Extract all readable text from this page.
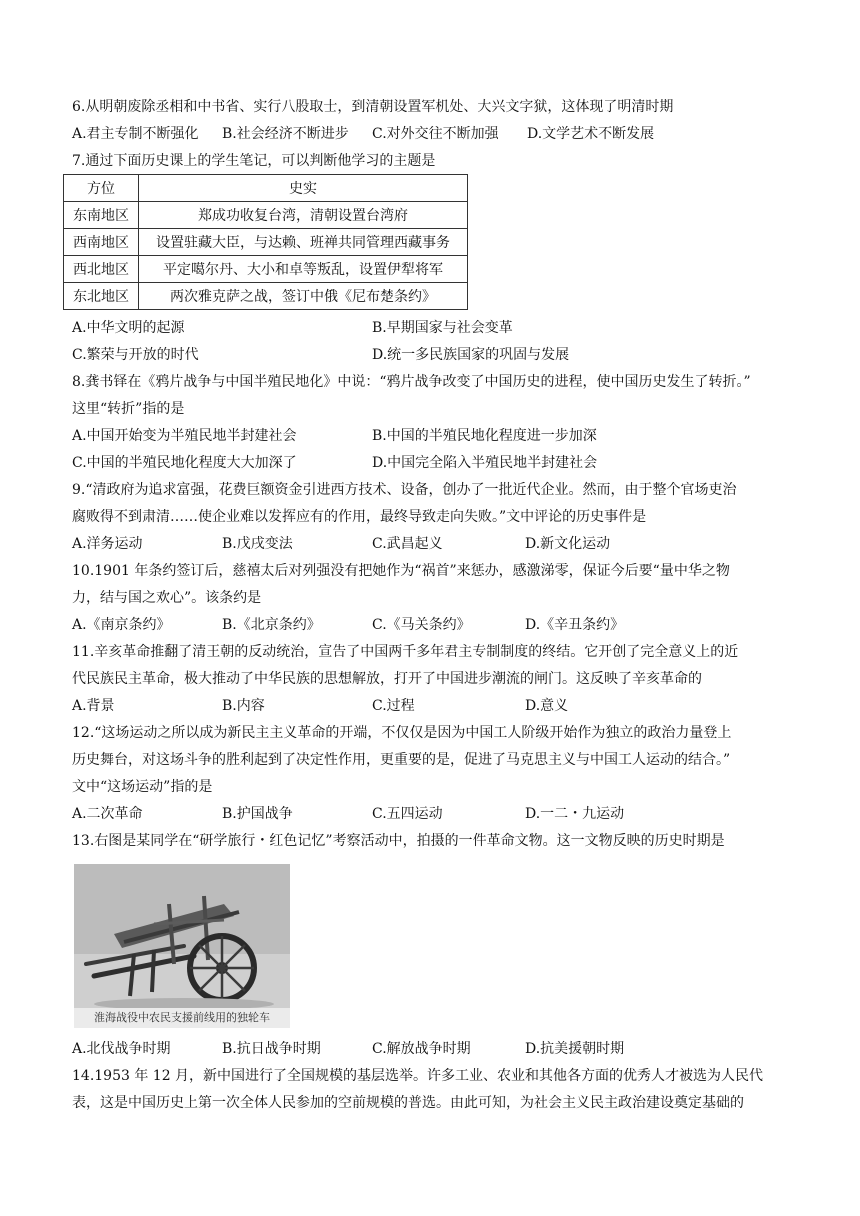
6.从明朝废除丞相和中书省、实行八股取士，到清朝设置军机处、大兴文字狱，这体现了明清时期
A.君主专制不断强化 B.社会经济不断进步 C.对外交往不断加强 D.文学艺术不断发展
7.通过下面历史课上的学生笔记，可以判断他学习的主题是
方位	史实
东南地区	郑成功收复台湾，清朝设置台湾府
西南地区	设置驻藏大臣，与达赖、班禅共同管理西藏事务
西北地区	平定噶尔丹、大小和卓等叛乱，设置伊犁将军
东北地区	两次雅克萨之战，签订中俄《尼布楚条约》
A.中华文明的起源	B.早期国家与社会变革
C.繁荣与开放的时代	D.统一多民族国家的巩固与发展
8.龚书铎在《鸦片战争与中国半殖民地化》中说：“鸦片战争改变了中国历史的进程，使中国历史发生了转折。”
这里“转折”指的是
A.中国开始变为半殖民地半封建社会	B.中国的半殖民地化程度进一步加深
C.中国的半殖民地化程度大大加深了	D.中国完全陷入半殖民地半封建社会
9.“清政府为追求富强，花费巨额资金引进西方技术、设备，创办了一批近代企业。然而，由于整个官场吏治
腐败得不到肃清……使企业难以发挥应有的作用，最终导致走向失败。”文中评论的历史事件是
A.洋务运动	B.戊戌变法	C.武昌起义	D.新文化运动
10.1901 年条约签订后，慈禧太后对列强没有把她作为“祸首”来惩办，感激涕零，保证今后要“量中华之物
力，结与国之欢心”。该条约是
A.《南京条约》	B.《北京条约》	C.《马关条约》	D.《辛丑条约》
11.辛亥革命推翻了清王朝的反动统治，宣告了中国两千多年君主专制制度的终结。它开创了完全意义上的近
代民族民主革命，极大推动了中华民族的思想解放，打开了中国进步潮流的闸门。这反映了辛亥革命的
A.背景	B.内容	C.过程	D.意义
12.“这场运动之所以成为新民主主义革命的开端，不仅仅是因为中国工人阶级开始作为独立的政治力量登上
历史舞台，对这场斗争的胜利起到了决定性作用，更重要的是，促进了马克思主义与中国工人运动的结合。”
文中“这场运动”指的是
A.二次革命	B.护国战争	C.五四运动	D.一二・九运动
13.右图是某同学在“研学旅行・红色记忆”考察活动中，拍摄的一件革命文物。这一文物反映的历史时期是
淮海战役中农民支援前线用的独轮车
A.北伐战争时期	B.抗日战争时期	C.解放战争时期	D.抗美援朝时期
14.1953 年 12 月，新中国进行了全国规模的基层选举。许多工业、农业和其他各方面的优秀人才被选为人民代
表，这是中国历史上第一次全体人民参加的空前规模的普选。由此可知，为社会主义民主政治建设奠定基础的
